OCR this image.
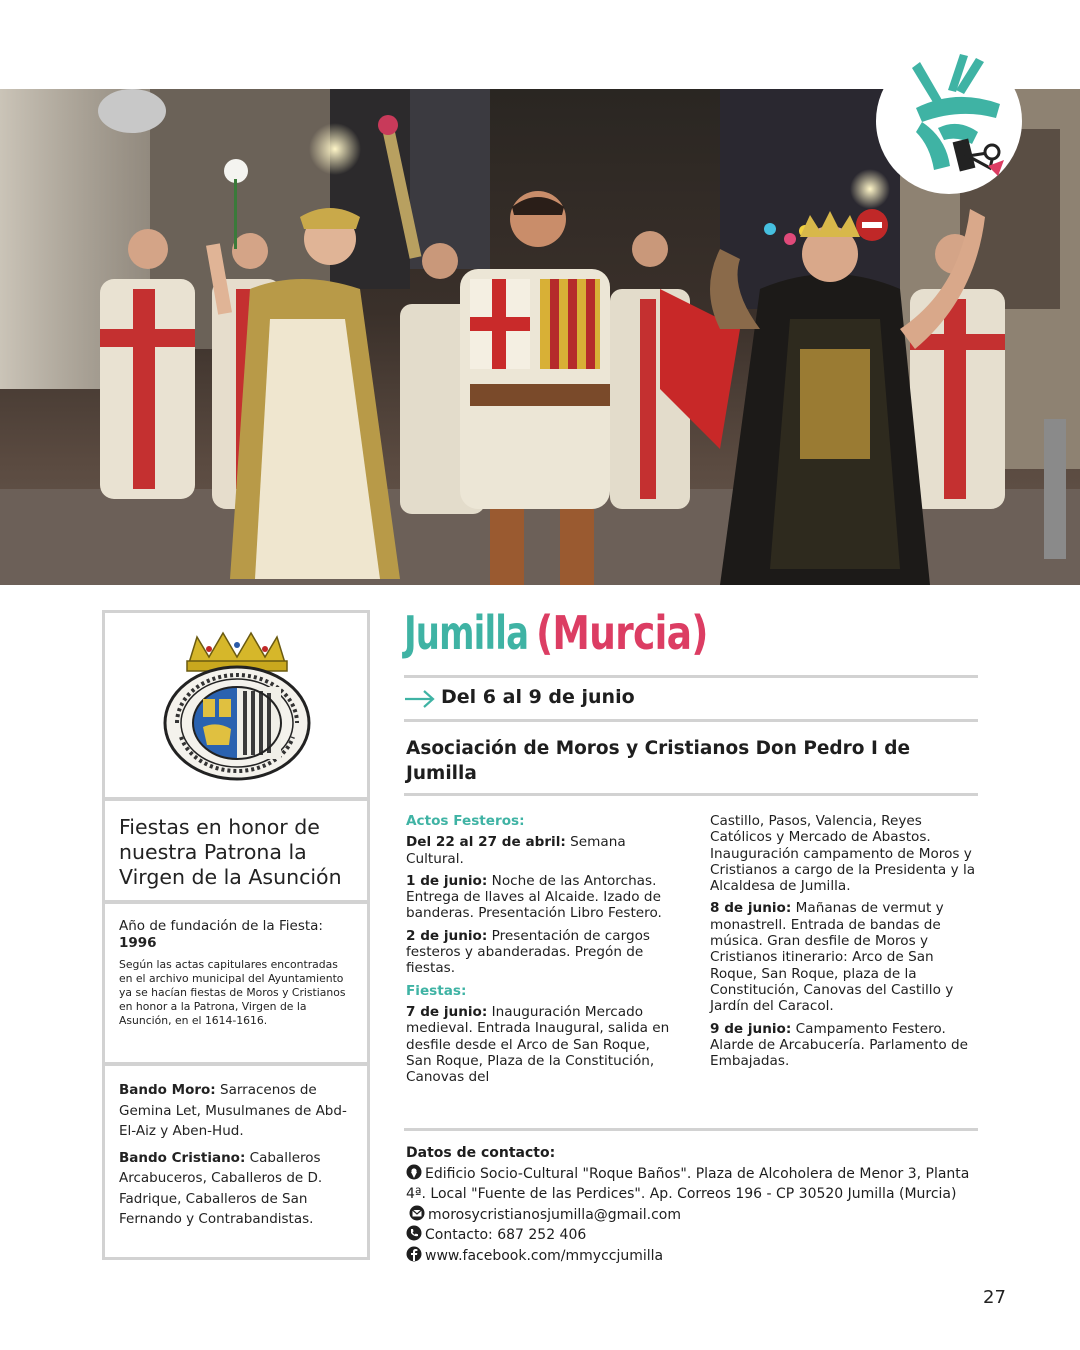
Fiestas en honor de nuestra Patrona la Virgen de la Asunción
Año de fundación de la Fiesta: 1996
Según las actas capitulares encontradas en el archivo municipal del Ayuntamiento ya se hacían fiestas de Moros y Cristianos en honor a la Patrona, Virgen de la Asunción, en el 1614-1616.

Bando Moro: Sarracenos de Gemina Let, Musulmanes de Abd-El-Aiz y Aben-Hud.

Bando Cristiano: Caballeros Arcabuceros, Caballeros de D. Fadrique, Caballeros de San Fernando y Contrabandistas.

Jumilla (Murcia)
Del 6 al 9 de junio
Asociación de Moros y Cristianos Don Pedro I de Jumilla
Actos Festeros:

Del 22 al 27 de abril: Semana Cultural.

1 de junio: Noche de las Antorchas. Entrega de llaves al Alcaide. Izado de banderas. Presentación Libro Festero.

2 de junio: Presentación de cargos festeros y abanderadas. Pregón de fiestas.

Fiestas:

7 de junio: Inauguración Mercado medieval. Entrada Inaugural, salida en desfile desde el Arco de San Roque, San Roque, Plaza de la Constitución, Canovas del

Castillo, Pasos, Valencia, Reyes Católicos y Mercado de Abastos. Inauguración campamento de Moros y Cristianos a cargo de la Presidenta y la Alcaldesa de Jumilla.

8 de junio: Mañanas de vermut y monastrell. Entrada de bandas de música. Gran desfile de Moros y Cristianos itinerario: Arco de San Roque, San Roque, plaza de la Constitución, Canovas del Castillo y Jardín del Caracol.

9 de junio: Campamento Festero. Alarde de Arcabucería. Parlamento de Embajadas.

Datos de contacto:
Edificio Socio-Cultural "Roque Baños". Plaza de Alcoholera de Menor 3, Planta 4ª. Local "Fuente de las Perdices". Ap. Correos 196 - CP 30520 Jumilla (Murcia) morosycristianosjumilla@gmail.com
Contacto: 687 252 406
www.facebook.com/mmyccjumilla
27
